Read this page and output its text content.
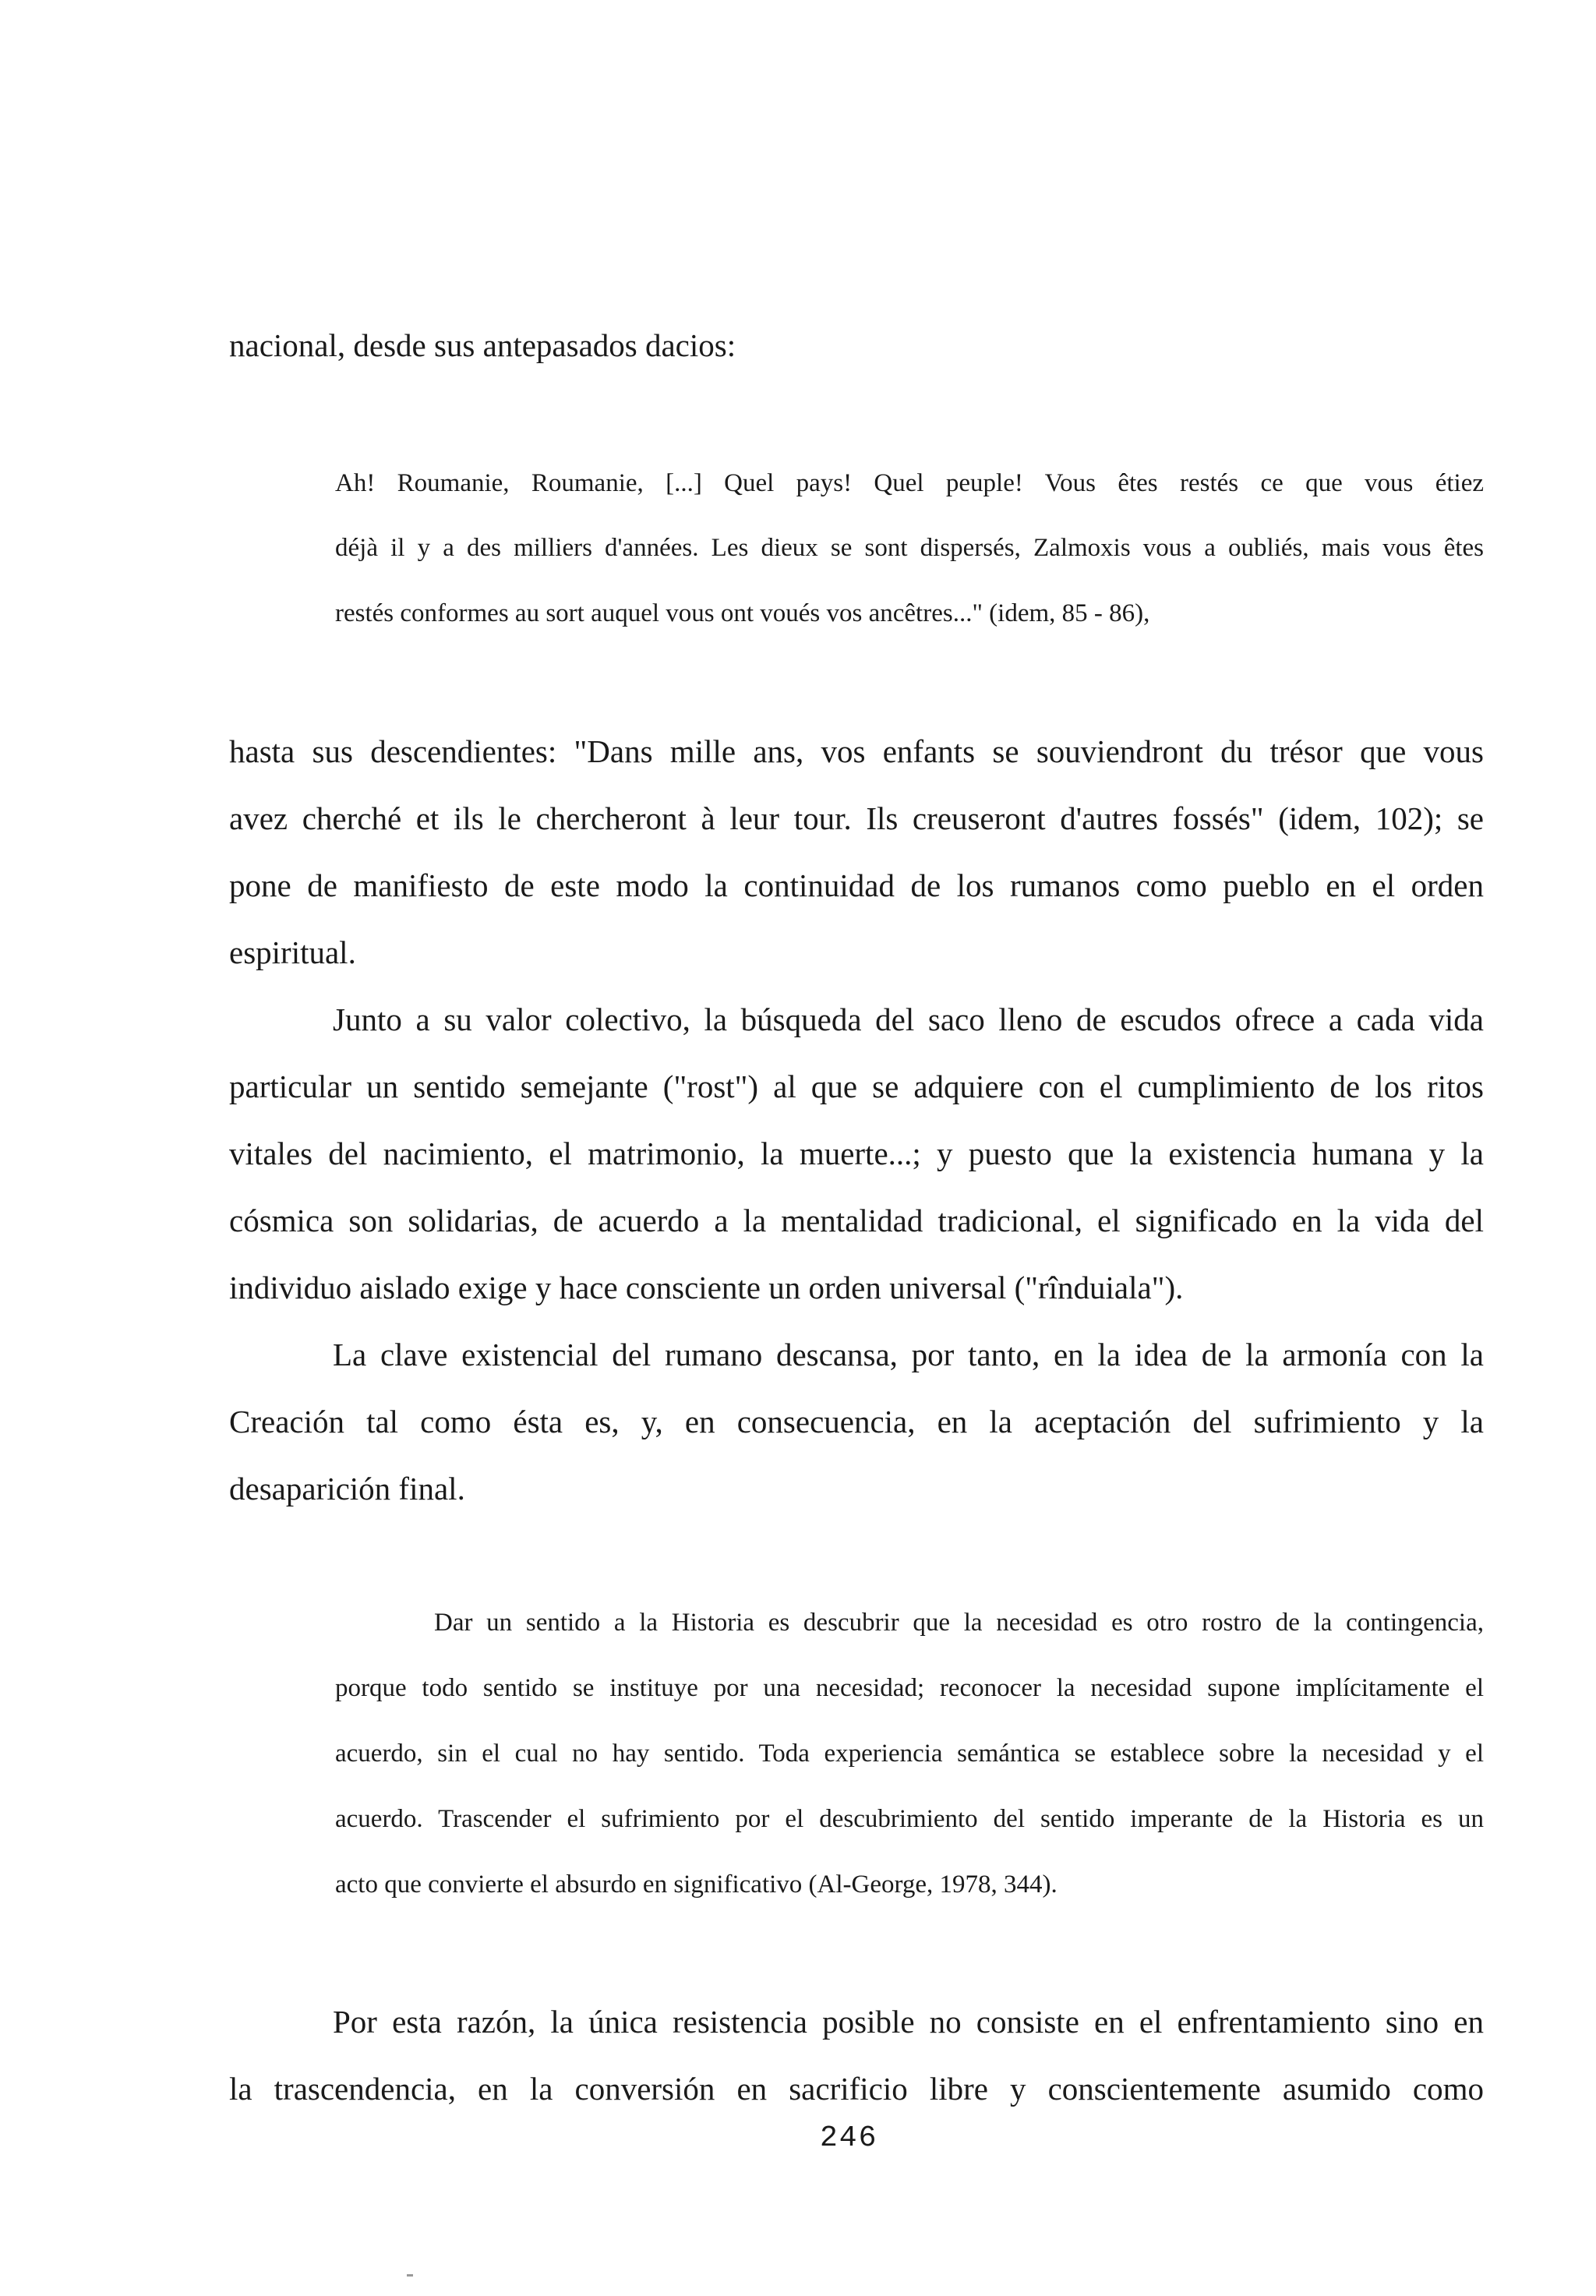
nacional, desde sus antepasados dacios:
Ah! Roumanie, Roumanie, [...] Quel pays! Quel peuple! Vous êtes restés ce que vous étiez
déjà il y a des milliers d'années. Les dieux se sont dispersés, Zalmoxis vous a oubliés, mais vous êtes
restés conformes au sort auquel vous ont voués vos ancêtres..." (idem, 85 - 86),
hasta sus descendientes: "Dans mille ans, vos enfants se souviendront du trésor que vous
avez cherché et ils le chercheront à leur tour. Ils creuseront d'autres fossés" (idem, 102); se
pone de manifiesto de este modo la continuidad de los rumanos como pueblo en el orden
espiritual.
Junto a su valor colectivo, la búsqueda del saco lleno de escudos ofrece a cada vida
particular un sentido semejante ("rost") al que se adquiere con el cumplimiento de los ritos
vitales del nacimiento, el matrimonio, la muerte...; y puesto que la existencia humana y la
cósmica son solidarias, de acuerdo a la mentalidad tradicional, el significado en la vida del
individuo aislado exige y hace consciente un orden universal ("rînduiala").
La clave existencial del rumano descansa, por tanto, en la idea de la armonía con la
Creación tal como ésta es, y, en consecuencia, en la aceptación del sufrimiento y la
desaparición final.
Dar un sentido a la Historia es descubrir que la necesidad es otro rostro de la contingencia,
porque todo sentido se instituye por una necesidad; reconocer la necesidad supone implícitamente el
acuerdo, sin el cual no hay sentido. Toda experiencia semántica se establece sobre la necesidad y el
acuerdo. Trascender el sufrimiento por el descubrimiento del sentido imperante de la Historia es un
acto que convierte el absurdo en significativo (Al-George, 1978, 344).
Por esta razón, la única resistencia posible no consiste en el enfrentamiento sino en
la trascendencia, en la conversión en sacrificio libre y conscientemente asumido como
246
